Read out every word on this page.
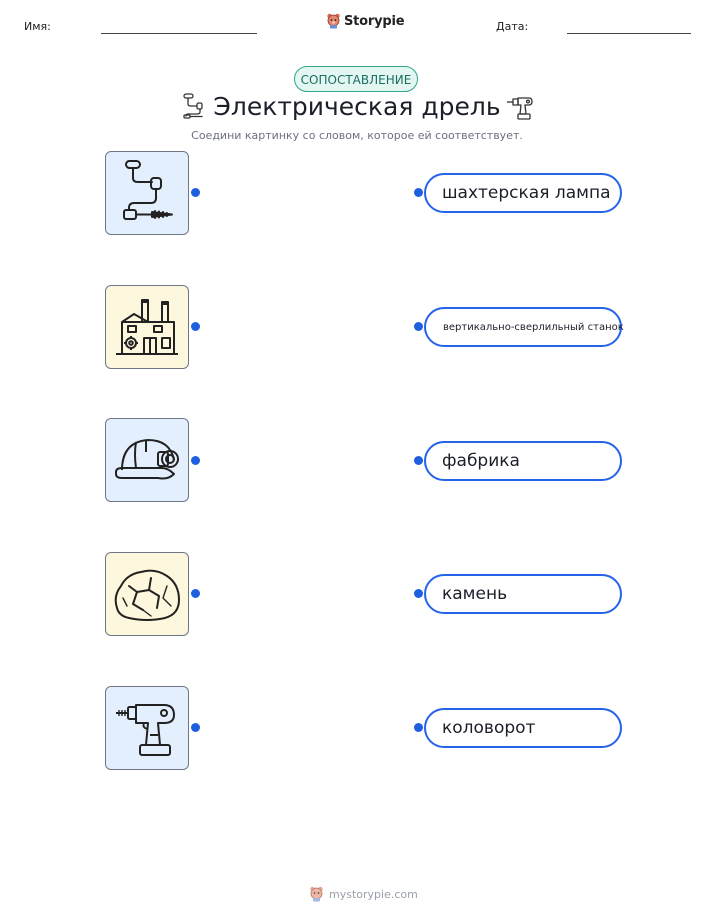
Имя:	Storypie	Дата:
СОПОСТАВЛЕНИЕ
Электрическая дрель
Соедини картинку со словом, которое ей соответствует.
шахтерская лампа
вертикально-сверлильный станок
фабрика
камень
коловорот
mystorypie.com
